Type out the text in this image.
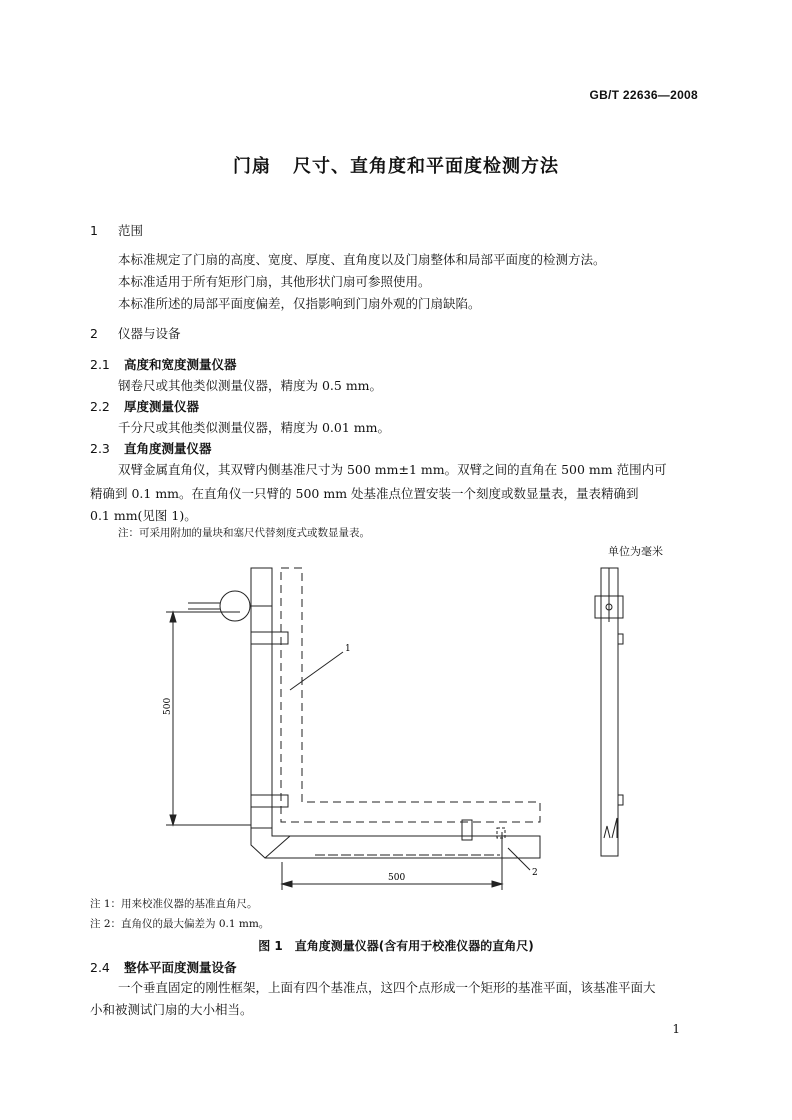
GB/T 22636—2008
门扇 尺寸、直角度和平面度检测方法
1 范围
本标准规定了门扇的高度、宽度、厚度、直角度以及门扇整体和局部平面度的检测方法。
本标准适用于所有矩形门扇，其他形状门扇可参照使用。
本标准所述的局部平面度偏差，仅指影响到门扇外观的门扇缺陷。
2 仪器与设备
2.1 高度和宽度测量仪器
钢卷尺或其他类似测量仪器，精度为 0.5 mm。
2.2 厚度测量仪器
千分尺或其他类似测量仪器，精度为 0.01 mm。
2.3 直角度测量仪器
双臂金属直角仪，其双臂内侧基准尺寸为 500 mm±1 mm。双臂之间的直角在 500 mm 范围内可
精确到 0.1 mm。在直角仪一只臂的 500 mm 处基准点位置安装一个刻度或数显量表，量表精确到
0.1 mm(见图 1)。
注：可采用附加的量块和塞尺代替刻度式或数显量表。
单位为毫米
500
500
1
2
注 1：用来校准仪器的基准直角尺。
注 2：直角仪的最大偏差为 0.1 mm。
图 1　直角度测量仪器(含有用于校准仪器的直角尺)
2.4 整体平面度测量设备
一个垂直固定的刚性框架，上面有四个基准点，这四个点形成一个矩形的基准平面，该基准平面大
小和被测试门扇的大小相当。
1
